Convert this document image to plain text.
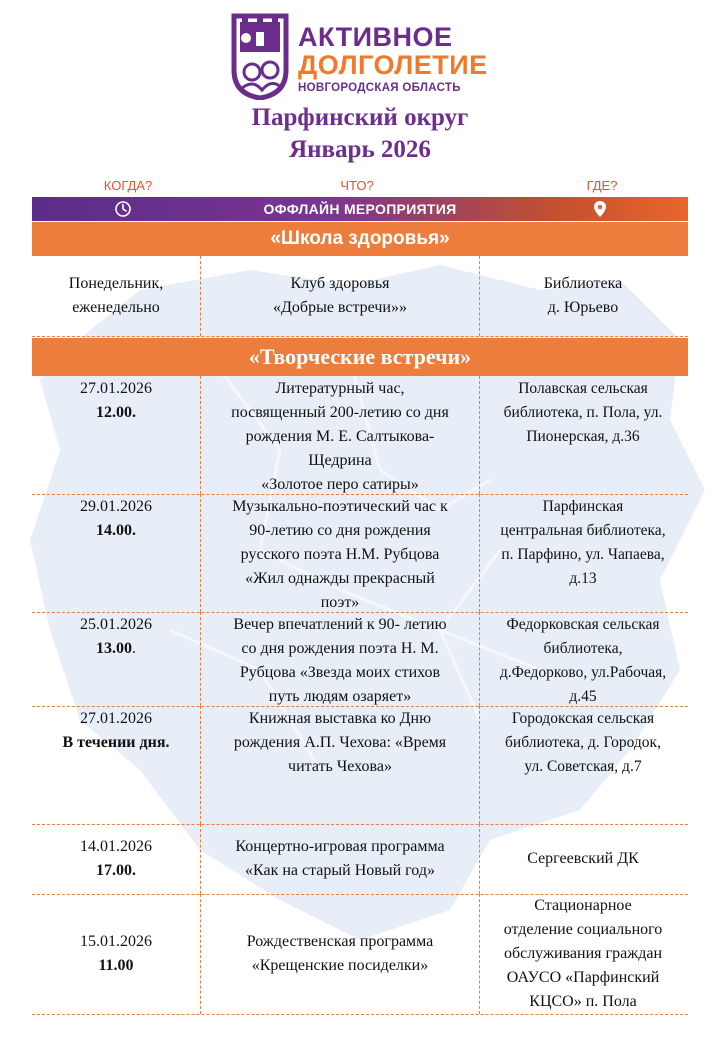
АКТИВНОЕ
ДОЛГОЛЕТИЕ
НОВГОРОДСКАЯ ОБЛАСТЬ
Парфинский округ
Январь 2026
КОГДА?	ЧТО?	ГДЕ?
ОФФЛАЙН МЕРОПРИЯТИЯ
«Школа здоровья»
Понедельник,
еженедельно
Клуб здоровья
«Добрые встречи»»
Библиотека
д. Юрьево
«Творческие встречи»
27.01.2026
12.00.
Литературный час,
посвященный 200-летию со дня
рождения М. Е. Салтыкова-
Щедрина
«Золотое перо сатиры»
Полавская сельская
библиотека, п. Пола, ул.
Пионерская, д.36
29.01.2026
14.00.
Музыкально-поэтический час к
90-летию со дня рождения
русского поэта Н.М. Рубцова
«Жил однажды прекрасный
поэт»
Парфинская
центральная библиотека,
п. Парфино, ул. Чапаева,
д.13
25.01.2026
13.00.
Вечер впечатлений к 90- летию
со дня рождения поэта Н. М.
Рубцова «Звезда моих стихов
путь людям озаряет»
Федорковская сельская
библиотека,
д.Федорково, ул.Рабочая,
д.45
27.01.2026
В течении дня.
Книжная выставка ко Дню
рождения А.П. Чехова: «Время
читать Чехова»
Городокская сельская
библиотека, д. Городок,
ул. Советская, д.7
14.01.2026
17.00.
Концертно-игровая программа
«Как на старый Новый год»
Сергеевский ДК
15.01.2026
11.00
Рождественская программа
«Крещенские посиделки»
Стационарное
отделение социального
обслуживания граждан
ОАУСО «Парфинский
КЦСО» п. Пола
